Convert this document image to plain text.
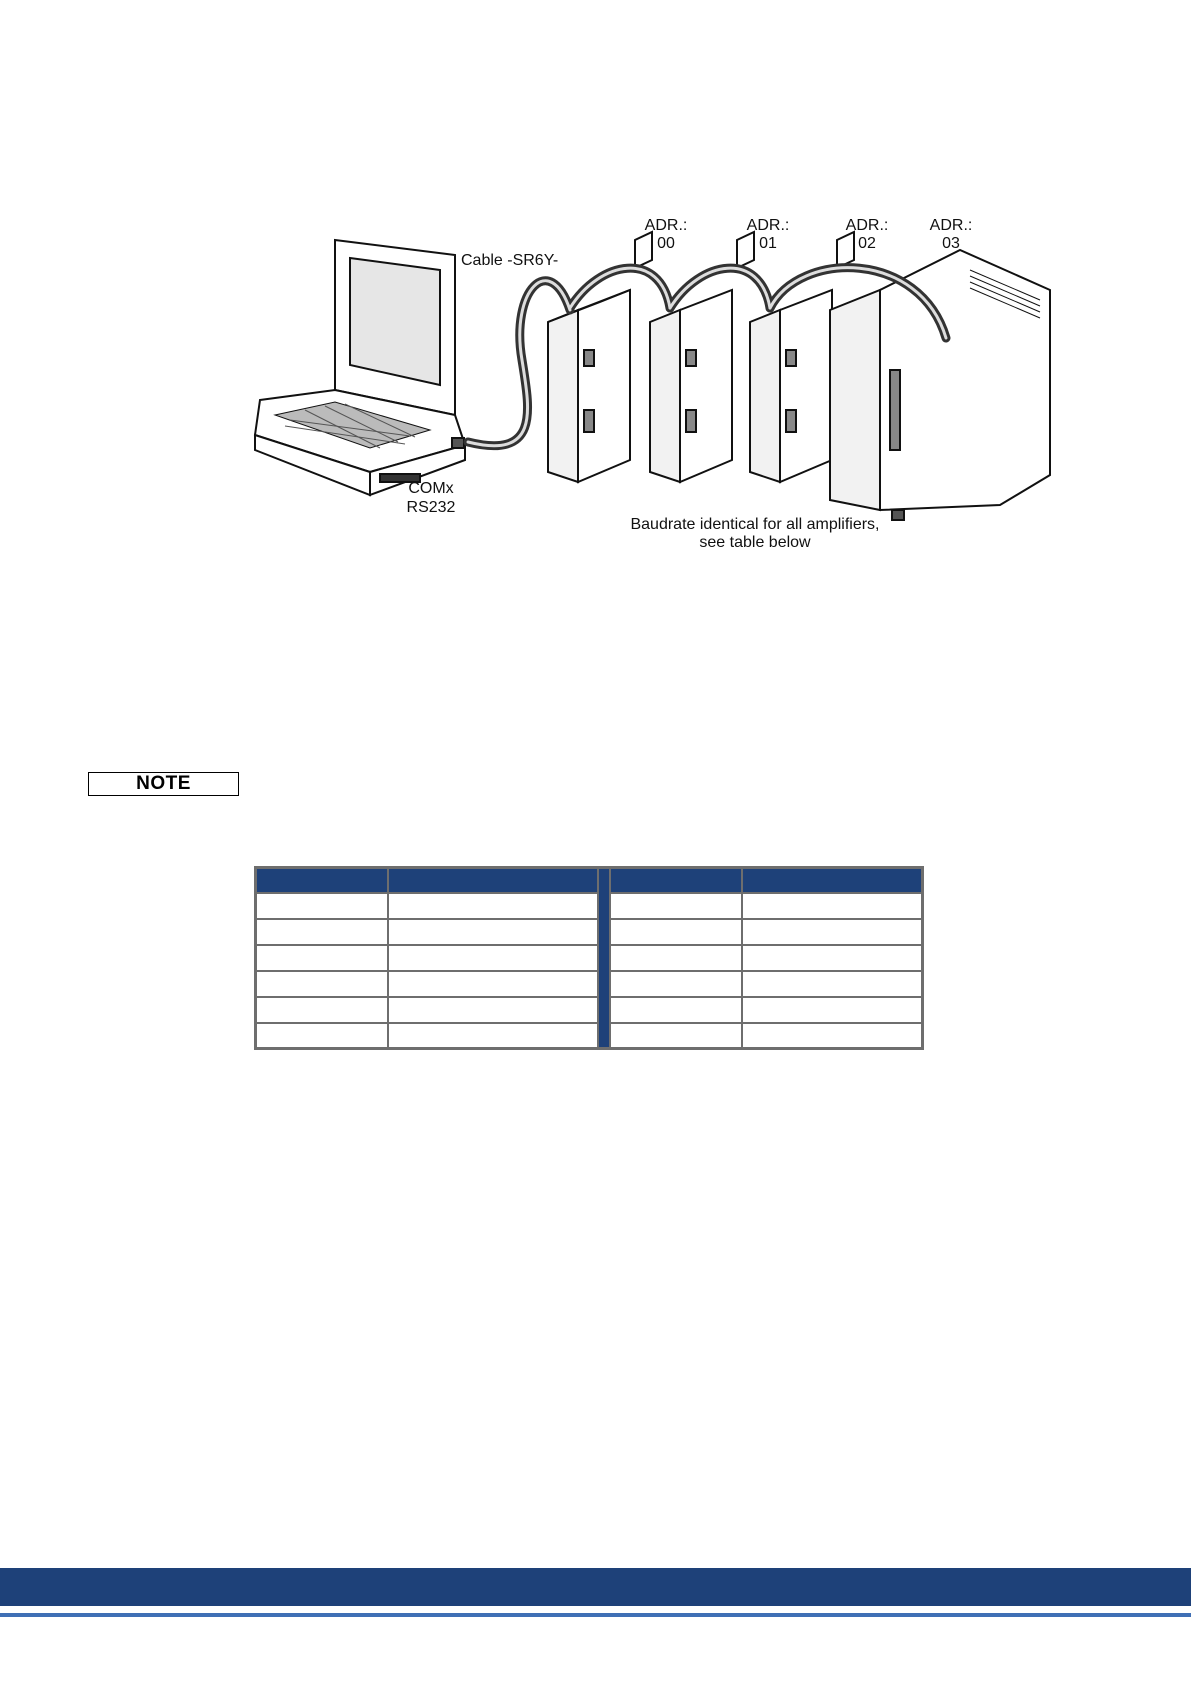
Cable -SR6Y-
COMx
RS232
ADR.:
00
ADR.:
01
ADR.:
02
ADR.:
03
Baudrate identical for all amplifiers,
see table below
NOTE
